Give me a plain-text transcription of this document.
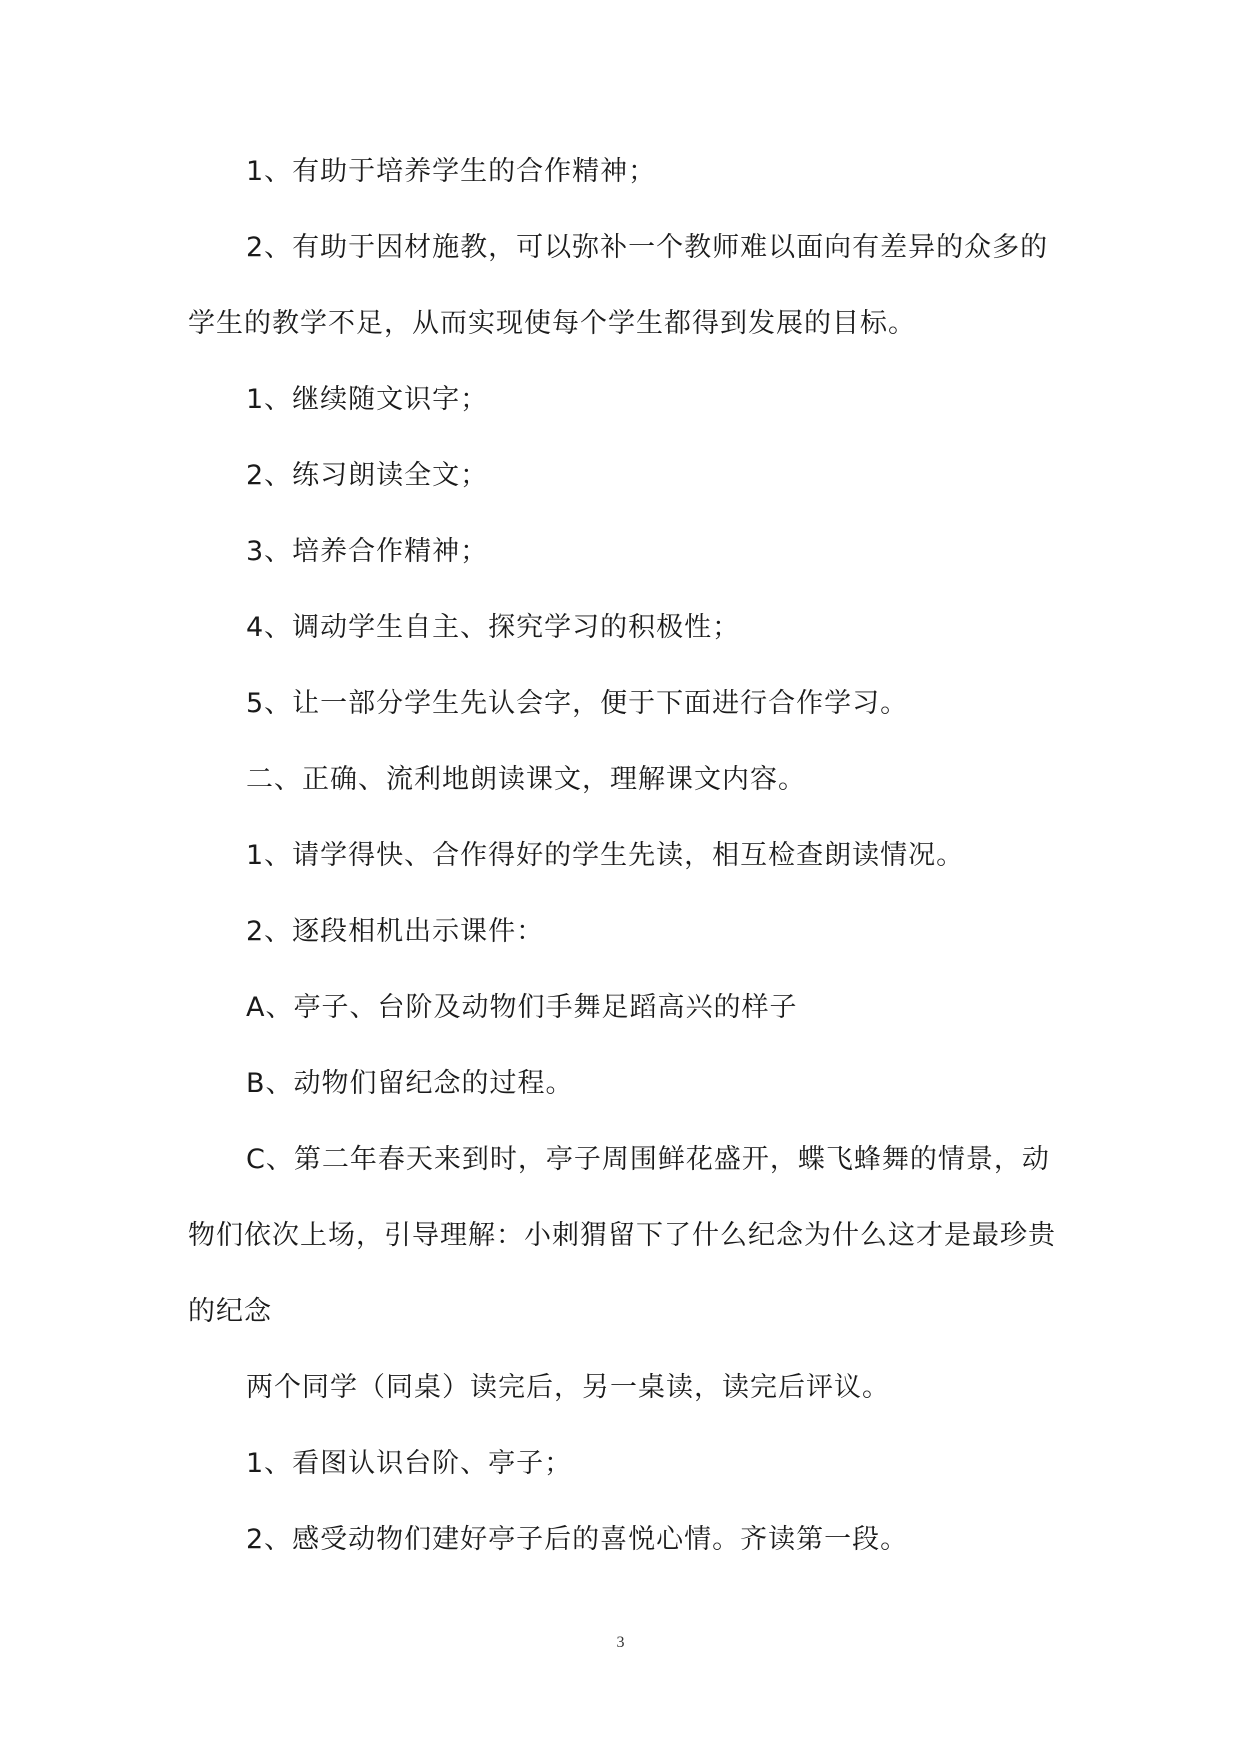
1、有助于培养学生的合作精神；

2、有助于因材施教，可以弥补一个教师难以面向有差异的众多的学生的教学不足，从而实现使每个学生都得到发展的目标。

1、继续随文识字；

2、练习朗读全文；

3、培养合作精神；

4、调动学生自主、探究学习的积极性；

5、让一部分学生先认会字，便于下面进行合作学习。

二、正确、流利地朗读课文，理解课文内容。

1、请学得快、合作得好的学生先读，相互检查朗读情况。

2、逐段相机出示课件：

A、亭子、台阶及动物们手舞足蹈高兴的样子

B、动物们留纪念的过程。

C、第二年春天来到时，亭子周围鲜花盛开，蝶飞蜂舞的情景，动物们依次上场，引导理解：小刺猬留下了什么纪念为什么这才是最珍贵的纪念

两个同学（同桌）读完后，另一桌读，读完后评议。

1、看图认识台阶、亭子；

2、感受动物们建好亭子后的喜悦心情。齐读第一段。

3
